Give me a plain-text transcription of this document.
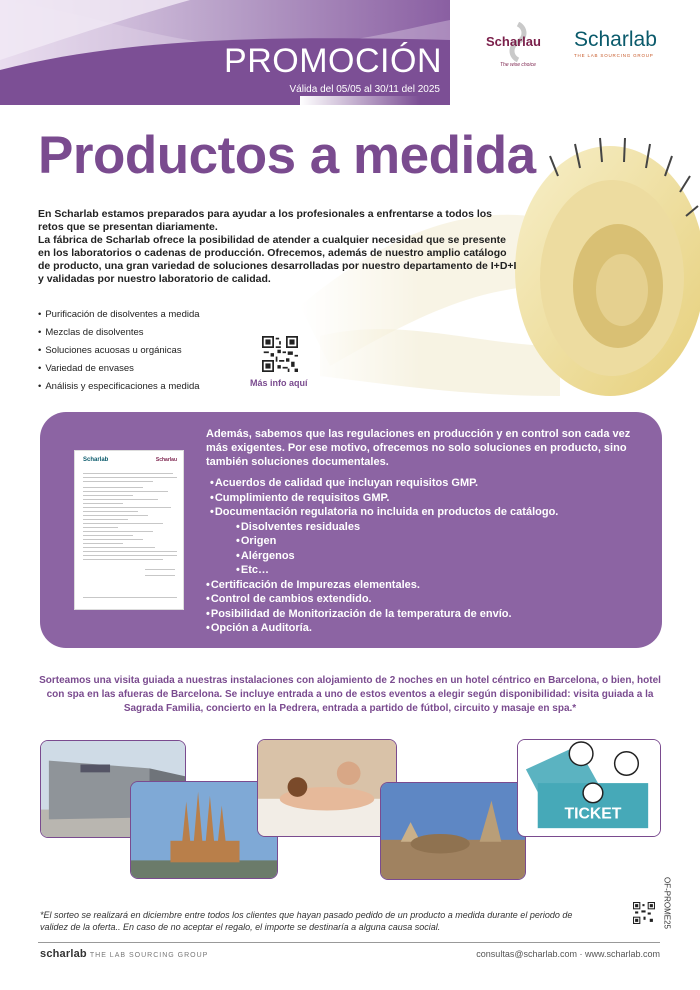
PROMOCIÓN
Válida del 05/05 al 30/11 del 2025
Scharlau
The wise choice
Scharlab
THE LAB SOURCING GROUP
Productos a medida

En Scharlab estamos preparados para ayudar a los profesionales a enfrentarse a todos los retos que se presentan diariamente.

La fábrica de Scharlab ofrece la posibilidad de atender a cualquier necesidad que se presente en los laboratorios o cadenas de producción. Ofrecemos, además de nuestro amplio catálogo de producto, una gran variedad de soluciones desarrolladas por nuestro departamento de I+D+I y validadas por nuestro laboratorio de calidad.

• Purificación de disolventes a medida
• Mezclas de disolventes
• Soluciones acuosas u orgánicas
• Variedad de envases
• Análisis y especificaciones a medida	Más info aquí
Scharlab	Scharlau
Además, sabemos que las regulaciones en producción y en control son cada vez más exigentes. Por ese motivo, ofrecemos no solo soluciones en producto, sino también soluciones documentales.
• Acuerdos de calidad que incluyan requisitos GMP.
• Cumplimiento de requisitos GMP.
• Documentación regulatoria no incluida en productos de catálogo.
• Disolventes residuales
• Origen
• Alérgenos
• Etc…
• Certificación de Impurezas elementales.
• Control de cambios extendido.
• Posibilidad de Monitorización de la temperatura de envío.
• Opción a Auditoría.
Sorteamos una visita guiada a nuestras instalaciones con alojamiento de 2 noches en un hotel céntrico en Barcelona, o bien, hotel con spa en las afueras de Barcelona. Se incluye entrada a uno de estos eventos a elegir según disponibilidad: visita guiada a la Sagrada Familia, concierto en la Pedrera, entrada a partido de fútbol, circuito y masaje en spa.*
TICKET
*El sorteo se realizará en diciembre entre todos los clientes que hayan pasado pedido de un producto a medida durante el periodo de validez de la oferta.. En caso de no aceptar el regalo, el importe se destinaría a alguna causa social.	OF-PROME25
scharlab THE LAB SOURCING GROUP	consultas@scharlab.com · www.scharlab.com
